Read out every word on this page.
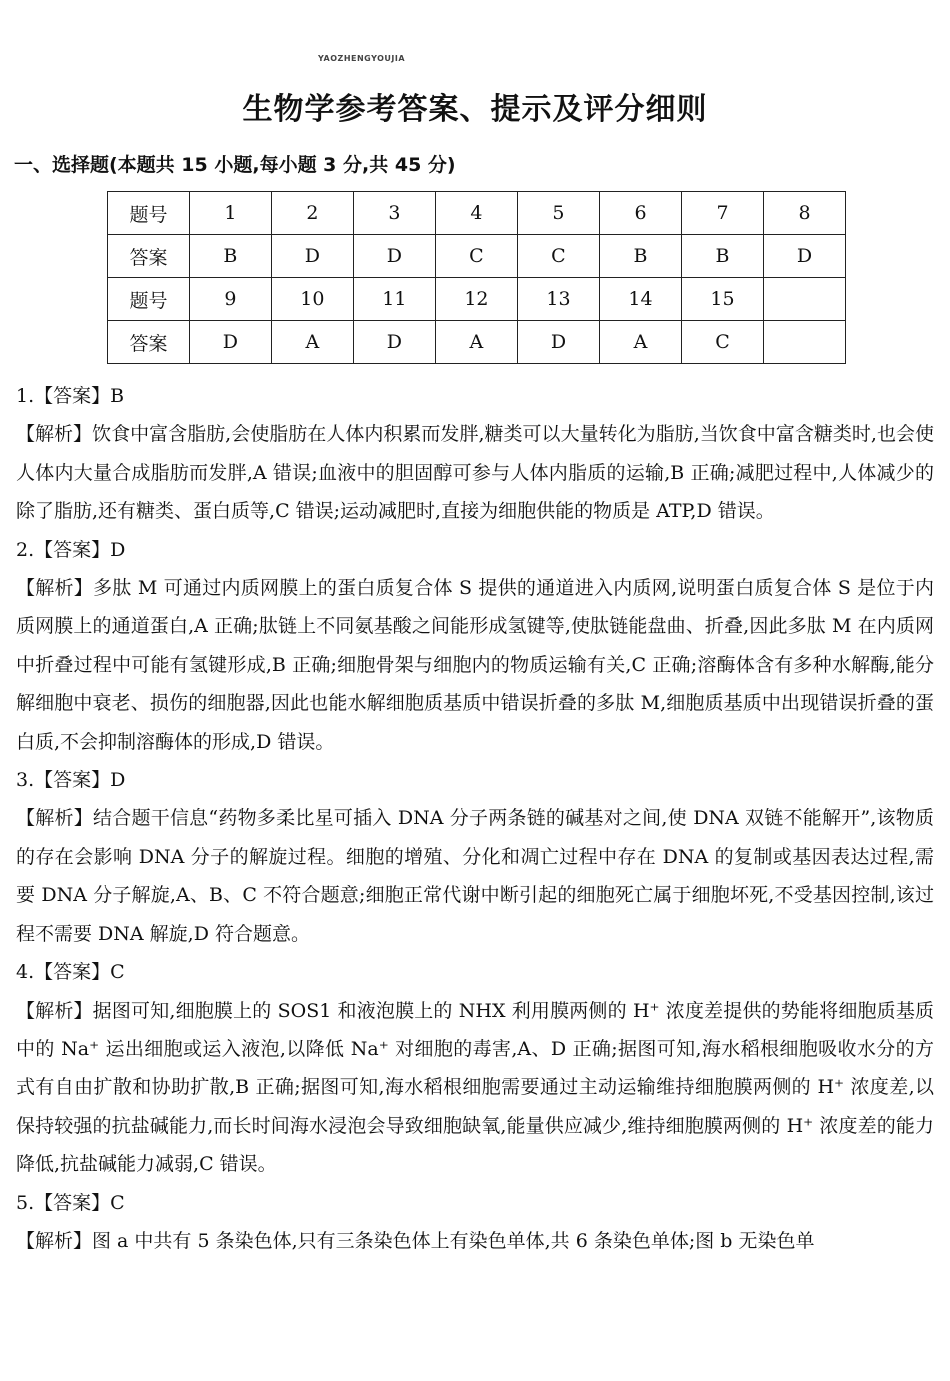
YAOZHENGYOUJIA
生物学参考答案、提示及评分细则
一、选择题(本题共 15 小题,每小题 3 分,共 45 分)
题号	1	2	3	4	5	6	7	8
答案	B	D	D	C	C	B	B	D
题号	9	10	11	12	13	14	15	
答案	D	A	D	A	D	A	C	

1.【答案】B

【解析】饮食中富含脂肪,会使脂肪在人体内积累而发胖,糖类可以大量转化为脂肪,当饮食中富含糖类时,也会使人体内大量合成脂肪而发胖,A 错误;血液中的胆固醇可参与人体内脂质的运输,B 正确;减肥过程中,人体减少的除了脂肪,还有糖类、蛋白质等,C 错误;运动减肥时,直接为细胞供能的物质是 ATP,D 错误。

2.【答案】D

【解析】多肽 M 可通过内质网膜上的蛋白质复合体 S 提供的通道进入内质网,说明蛋白质复合体 S 是位于内质网膜上的通道蛋白,A 正确;肽链上不同氨基酸之间能形成氢键等,使肽链能盘曲、折叠,因此多肽 M 在内质网中折叠过程中可能有氢键形成,B 正确;细胞骨架与细胞内的物质运输有关,C 正确;溶酶体含有多种水解酶,能分解细胞中衰老、损伤的细胞器,因此也能水解细胞质基质中错误折叠的多肽 M,细胞质基质中出现错误折叠的蛋白质,不会抑制溶酶体的形成,D 错误。

3.【答案】D

【解析】结合题干信息“药物多柔比星可插入 DNA 分子两条链的碱基对之间,使 DNA 双链不能解开”,该物质的存在会影响 DNA 分子的解旋过程。细胞的增殖、分化和凋亡过程中存在 DNA 的复制或基因表达过程,需要 DNA 分子解旋,A、B、C 不符合题意;细胞正常代谢中断引起的细胞死亡属于细胞坏死,不受基因控制,该过程不需要 DNA 解旋,D 符合题意。

4.【答案】C

【解析】据图可知,细胞膜上的 SOS1 和液泡膜上的 NHX 利用膜两侧的 H⁺ 浓度差提供的势能将细胞质基质中的 Na⁺ 运出细胞或运入液泡,以降低 Na⁺ 对细胞的毒害,A、D 正确;据图可知,海水稻根细胞吸收水分的方式有自由扩散和协助扩散,B 正确;据图可知,海水稻根细胞需要通过主动运输维持细胞膜两侧的 H⁺ 浓度差,以保持较强的抗盐碱能力,而长时间海水浸泡会导致细胞缺氧,能量供应减少,维持细胞膜两侧的 H⁺ 浓度差的能力降低,抗盐碱能力减弱,C 错误。

5.【答案】C

【解析】图 a 中共有 5 条染色体,只有三条染色体上有染色单体,共 6 条染色单体;图 b 无染色单
